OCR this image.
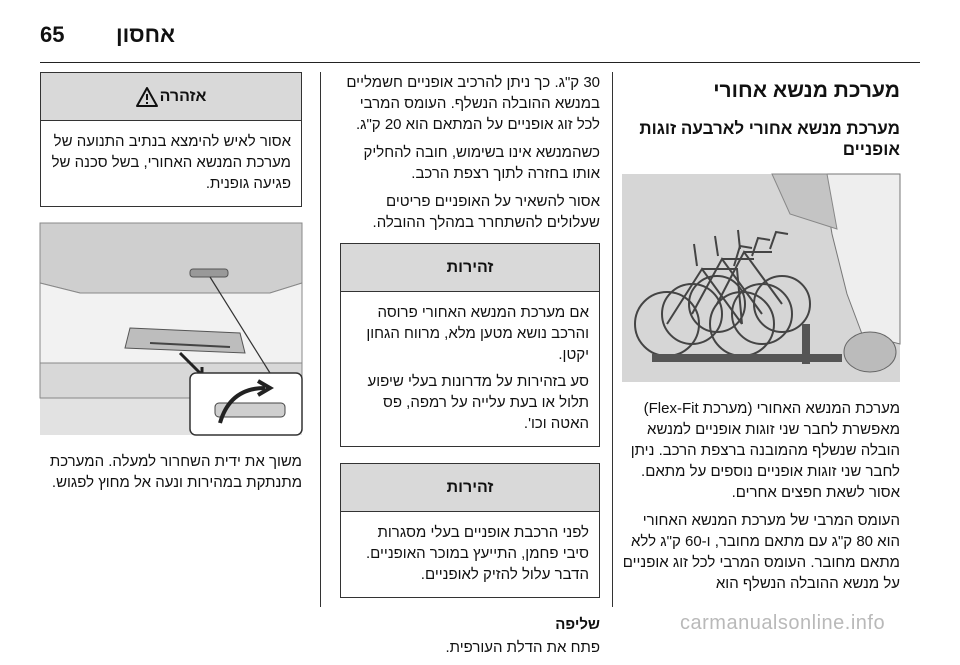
65 אחסון
מערכת מנשא אחורי
מערכת מנשא אחורי לארבעה זוגות אופניים

מערכת המנשא האחורי (מערכת Flex-Fit) מאפשרת לחבר שני זוגות אופניים למנשא הובלה שנשלף מהמובנה ברצפת הרכב. ניתן לחבר שני זוגות אופניים נוספים על מתאם. אסור לשאת חפצים אחרים.

העומס המרבי של מערכת המנשא האחורי הוא 80 ק"ג עם מתאם מחובר, ו-60 ק"ג ללא מתאם מחובר. העומס המרבי לכל זוג אופניים על מנשא ההובלה הנשלף הוא

30 ק"ג. כך ניתן להרכיב אופניים חשמליים במנשא ההובלה הנשלף. העומס המרבי לכל זוג אופניים על המתאם הוא 20 ק"ג.

כשהמנשא אינו בשימוש, חובה להחליק אותו בחזרה לתוך רצפת הרכב.

אסור להשאיר על האופניים פריטים שעלולים להשתחרר במהלך ההובלה.

זהירות

אם מערכת המנשא האחורי פרוסה והרכב נושא מטען מלא, מרווח הגחון יקטן.

סע בזהירות על מדרונות בעלי שיפוע תלול או בעת עלייה על רמפה, פס האטה וכו'.

זהירות

לפני הרכבת אופניים בעלי מסגרות סיבי פחמן, התייעץ במוכר האופניים. הדבר עלול להזיק לאופניים.

שליפה

פתח את הדלת העורפית.

אזהרה

אסור לאיש להימצא בנתיב התנועה של מערכת המנשא האחורי, בשל סכנה של פגיעה גופנית.

משוך את ידית השחרור למעלה. המערכת מתנתקת במהירות ונעה אל מחוץ לפגוש.

carmanualsonline.info
